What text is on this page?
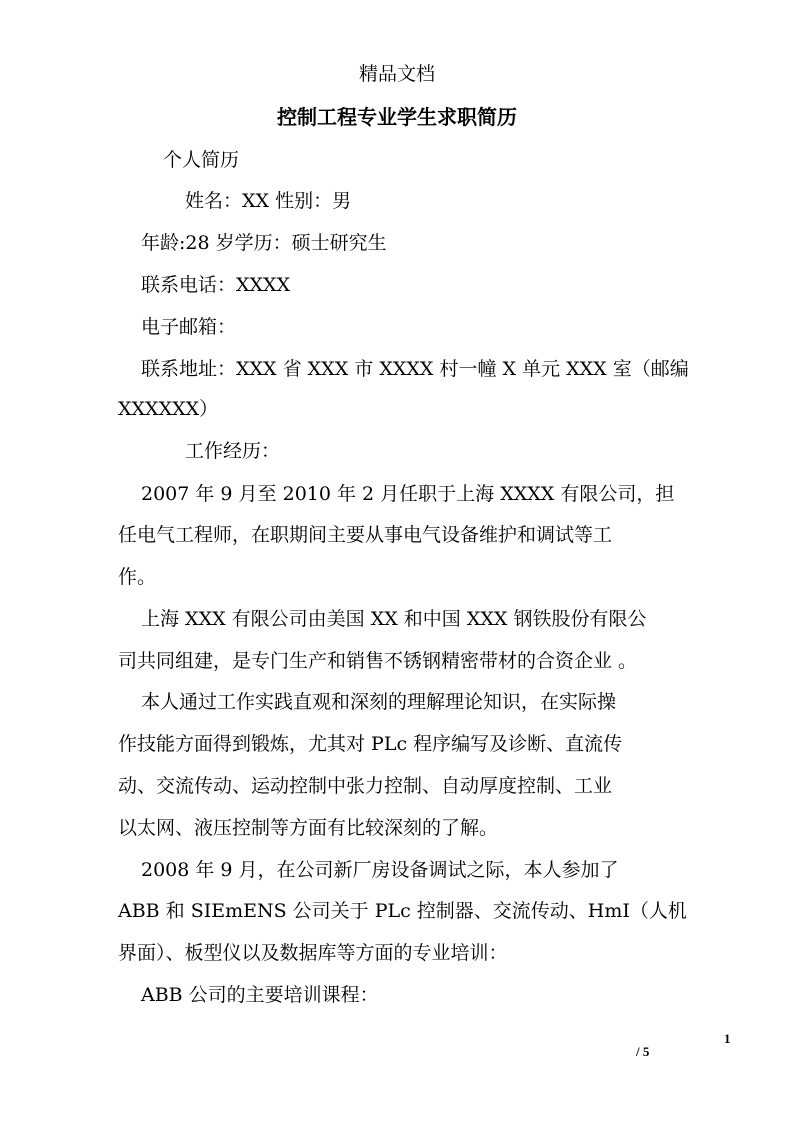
精品文档
控制工程专业学生求职简历
个人简历
姓名：XX 性别：男
年龄:28 岁学历：硕士研究生
联系电话：XXXX
电子邮箱：
联系地址：XXX 省 XXX 市 XXXX 村一幢 X 单元 XXX 室（邮编
XXXXXX）
工作经历：
2007 年 9 月至 2010 年 2 月任职于上海 XXXX 有限公司，担
任电气工程师，在职期间主要从事电气设备维护和调试等工
作。
上海 XXX 有限公司由美国 XX 和中国 XXX 钢铁股份有限公
司共同组建，是专门生产和销售不锈钢精密带材的合资企业 。
本人通过工作实践直观和深刻的理解理论知识，在实际操
作技能方面得到锻炼，尤其对 PLc 程序编写及诊断、直流传
动、交流传动、运动控制中张力控制、自动厚度控制、工业
以太网、液压控制等方面有比较深刻的了解。
2008 年 9 月，在公司新厂房设备调试之际，本人参加了
ABB 和 SIEmENS 公司关于 PLc 控制器、交流传动、HmI（人机
界面）、板型仪以及数据库等方面的专业培训：
ABB 公司的主要培训课程：
1
/ 5
